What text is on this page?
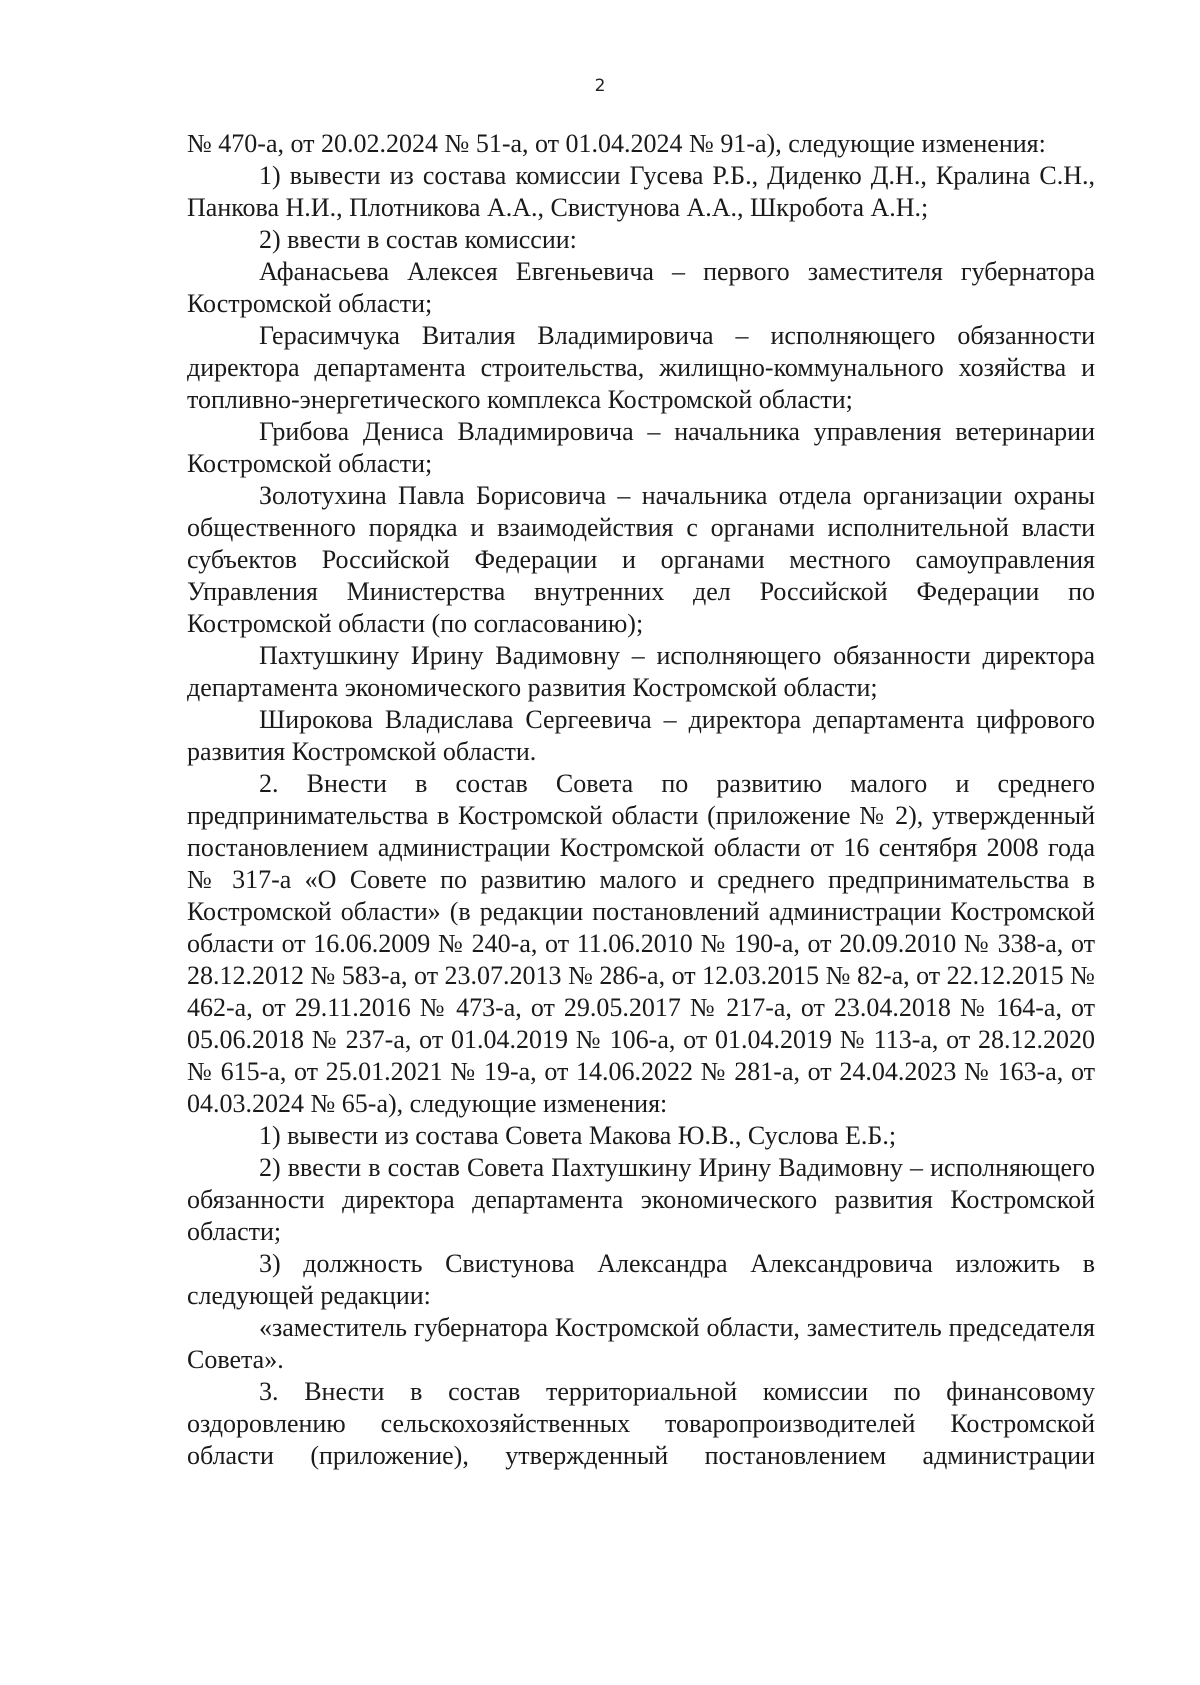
2

№ 470-а, от 20.02.2024 № 51-а, от 01.04.2024 № 91-а), следующие изменения:

1) вывести из состава комиссии Гусева Р.Б., Диденко Д.Н., Кралина С.Н., Панкова Н.И., Плотникова А.А., Свистунова А.А., Шкробота А.Н.;

2) ввести в состав комиссии:

Афанасьева Алексея Евгеньевича – первого заместителя губернатора Костромской области;

Герасимчука Виталия Владимировича – исполняющего обязанности директора департамента строительства, жилищно-коммунального хозяйства и топливно-энергетического комплекса Костромской области;

Грибова Дениса Владимировича – начальника управления ветеринарии Костромской области;

Золотухина Павла Борисовича – начальника отдела организации охраны общественного порядка и взаимодействия с органами исполнительной власти субъектов Российской Федерации и органами местного самоуправления Управления Министерства внутренних дел Российской Федерации по Костромской области (по согласованию);

Пахтушкину Ирину Вадимовну – исполняющего обязанности директора департамента экономического развития Костромской области;

Широкова Владислава Сергеевича – директора департамента цифрового развития Костромской области.

2. Внести в состав Совета по развитию малого и среднего предпринимательства в Костромской области (приложение № 2), утвержденный постановлением администрации Костромской области от 16 сентября 2008 года № 317-а «О Совете по развитию малого и среднего предпринимательства в Костромской области» (в редакции постановлений администрации Костромской области от 16.06.2009 № 240-а, от 11.06.2010 № 190-а, от 20.09.2010 № 338-а, от 28.12.2012 № 583-а, от 23.07.2013 № 286-а, от 12.03.2015 № 82-а, от 22.12.2015 № 462-а, от 29.11.2016 № 473-а, от 29.05.2017 № 217-а, от 23.04.2018 № 164-а, от 05.06.2018 № 237-а, от 01.04.2019 № 106-а, от 01.04.2019 № 113-а, от 28.12.2020 № 615-а, от 25.01.2021 № 19-а, от 14.06.2022 № 281-а, от 24.04.2023 № 163-а, от 04.03.2024 № 65-а), следующие изменения:

1) вывести из состава Совета Макова Ю.В., Суслова Е.Б.;

2) ввести в состав Совета Пахтушкину Ирину Вадимовну – исполняющего обязанности директора департамента экономического развития Костромской области;

3) должность Свистунова Александра Александровича изложить в следующей редакции:

«заместитель губернатора Костромской области, заместитель председателя Совета».

3. Внести в состав территориальной комиссии по финансовому оздоровлению сельскохозяйственных товаропроизводителей Костромской области (приложение), утвержденный постановлением администрации
